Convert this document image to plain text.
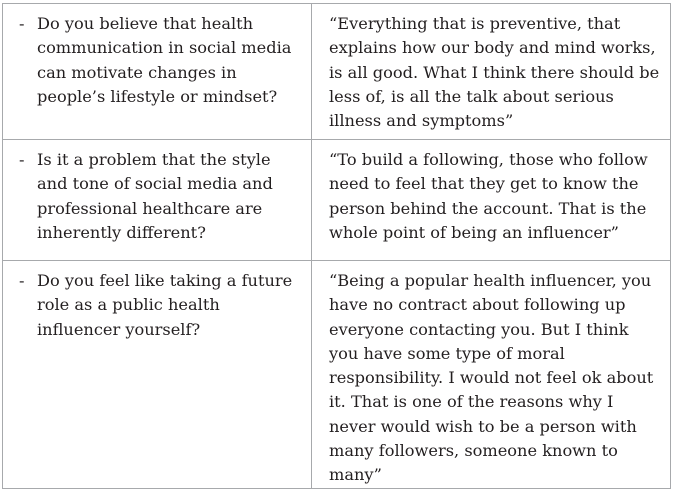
- Do you believe that health communication in social media can motivate changes in people’s lifestyle or mindset?	“Everything that is preventive, that explains how our body and mind works, is all good. What I think there should be less of, is all the talk about serious illness and symptoms”

- Is it a problem that the style and tone of social media and professional healthcare are inherently different?	“To build a following, those who follow need to feel that they get to know the person behind the account. That is the whole point of being an influencer”

- Do you feel like taking a future role as a public health influencer yourself?	“Being a popular health influencer, you have no contract about following up everyone contacting you. But I think you have some type of moral responsibility. I would not feel ok about it. That is one of the reasons why I never would wish to be a person with many followers, someone known to many”
